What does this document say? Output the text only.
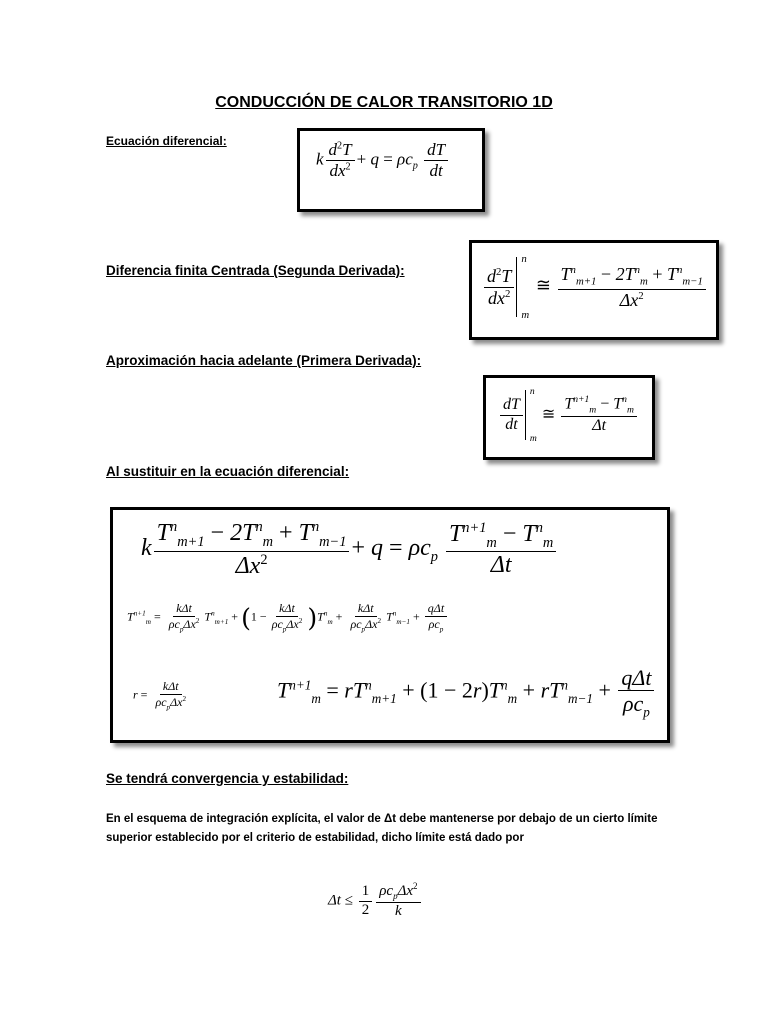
CONDUCCIÓN DE CALOR TRANSITORIO 1D
Ecuación diferencial:
k $\frac{d^2T}{dx^2} + q = \rho c_p \frac{dT}{dt}$
Diferencia finita Centrada (Segunda Derivada):	$\frac{d^2T}{dx^2}$
n
m
≅ $\frac{T^n_{m+1} - 2T^n_m + T^n_{m-1}}{\Delta x^2}$
Aproximación hacia adelante (Primera Derivada):
$\frac{dT}{dt}$
n
m
≅ $\frac{T^{n+1}_m - T^n_m}{\Delta t}$
Al sustituir en la ecuación diferencial:
k $\frac{T^n_{m+1} - 2T^n_m + T^n_{m-1}}{\Delta x^2} + q = \rho c_p \frac{T^{n+1}_m - T^n_m}{\Delta t}$
$T^{n+1}_m = \frac{\text{kΔt}}{\rho c_p\Delta x^2} T^n_{m+1} + (1 - \frac{\text{kΔt}}{\rho c_p\Delta x^2} )T^n_m + \frac{\text{kΔt}}{\rho c_p\Delta x^2} T^n_{m-1} + \frac{\text{qΔt}}{\rho c_p}$
$r = \frac{\text{kΔt}}{\rho c_p\Delta x^2}$	$T^{n+1}_m = rT^n_{m+1} + (1 - 2r)T^n_m + rT^n_{m-1} + \frac{\text{qΔt}}{\rho c_p}$
Se tendrá convergencia y estabilidad:
En el esquema de integración explícita, el valor de Δt debe mantenerse por debajo de un cierto límite superior establecido por el criterio de estabilidad, dicho límite está dado por
$\Delta t \le \frac{1}{2} \frac{\rho c_p\Delta x^2}{k}$
